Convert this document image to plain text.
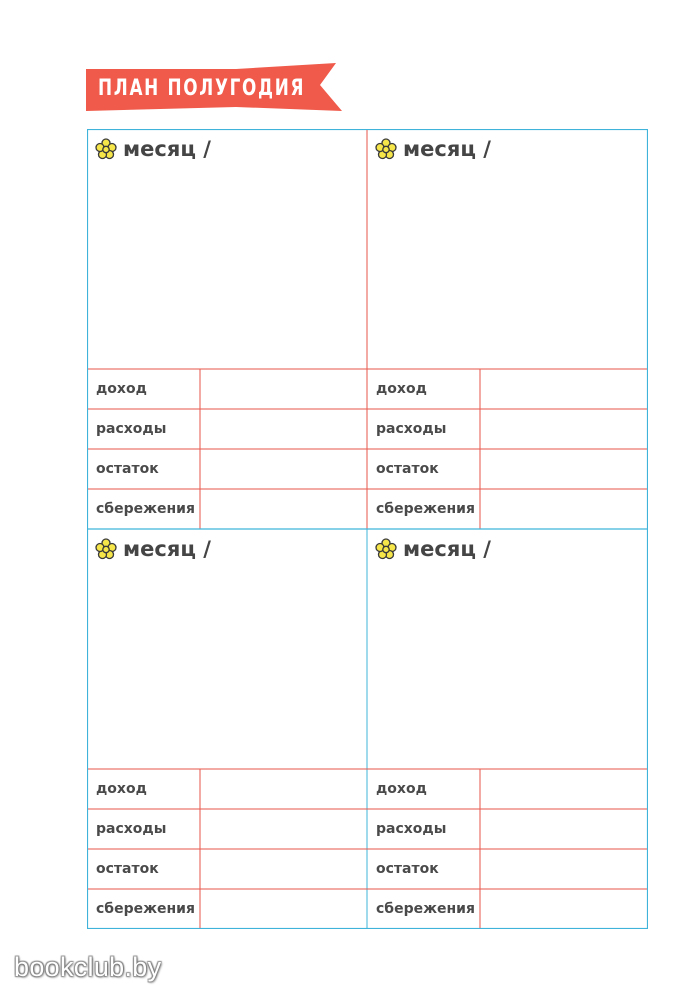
ПЛАН ПОЛУГОДИЯ
месяц /
доход
расходы
остаток
сбережения
месяц /
доход
расходы
остаток
сбережения
месяц /
доход
расходы
остаток
сбережения
месяц /
доход
расходы
остаток
сбережения
bookclub.by
